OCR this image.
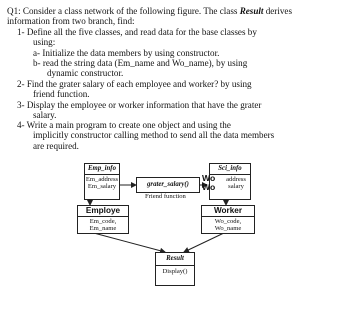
Q1: Consider a class network of the following figure. The class Result derives
information from two branch, find:
1- Define all the five classes, and read data for the base classes by
using:
a- Initialize the data members by using constructor.
b- read the string data (Em_name and Wo_name), by using
dynamic constructor.
2- Find the grater salary of each employee and worker? by using
friend function.
3- Display the employee or worker information that have the grater
salary.
4- Write a main program to create one object and using the
implicitly constructor calling method to send all the data members
are required.
Emp_info
Em_address
Em_salary	grater_salary()
Friend function
Sci_info
address
salary
Wo
Wo
Employe
Em_code,
Em_name
Worker
Wo_code,
Wo_name
Result
Display()
